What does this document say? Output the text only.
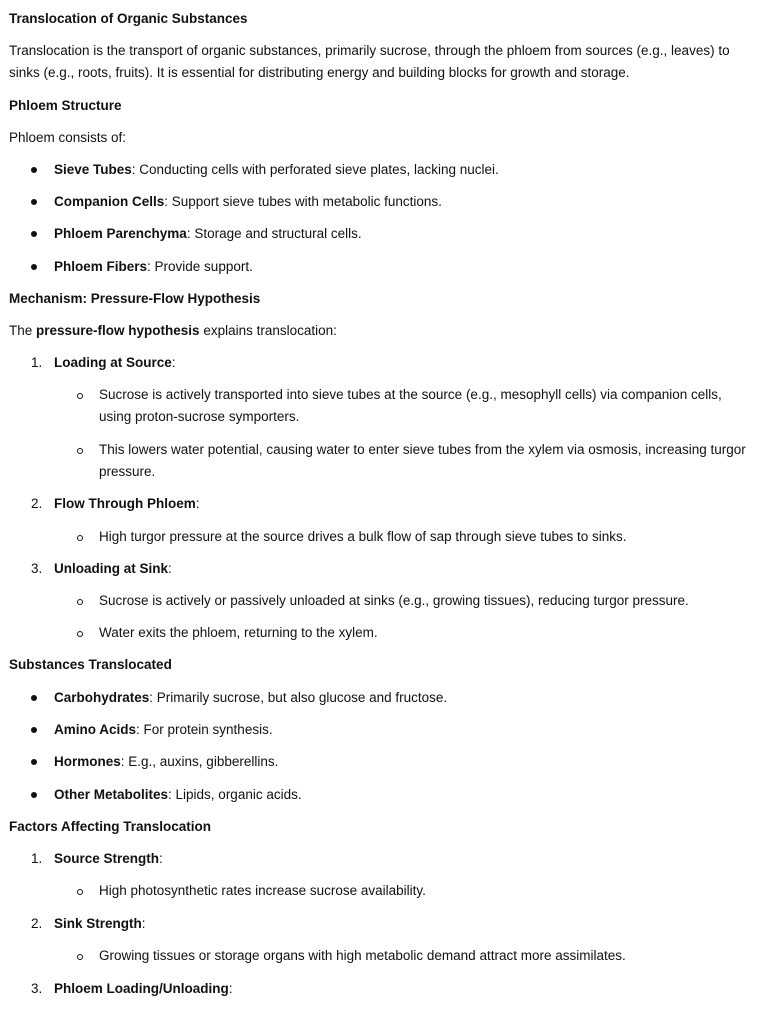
Translocation of Organic Substances
Translocation is the transport of organic substances, primarily sucrose, through the phloem from sources (e.g., leaves) to sinks (e.g., roots, fruits). It is essential for distributing energy and building blocks for growth and storage.
Phloem Structure
Phloem consists of:
Sieve Tubes: Conducting cells with perforated sieve plates, lacking nuclei.
Companion Cells: Support sieve tubes with metabolic functions.
Phloem Parenchyma: Storage and structural cells.
Phloem Fibers: Provide support.
Mechanism: Pressure-Flow Hypothesis
The pressure-flow hypothesis explains translocation:
1. Loading at Source:
Sucrose is actively transported into sieve tubes at the source (e.g., mesophyll cells) via companion cells, using proton-sucrose symporters.
This lowers water potential, causing water to enter sieve tubes from the xylem via osmosis, increasing turgor pressure.
2. Flow Through Phloem:
High turgor pressure at the source drives a bulk flow of sap through sieve tubes to sinks.
3. Unloading at Sink:
Sucrose is actively or passively unloaded at sinks (e.g., growing tissues), reducing turgor pressure.
Water exits the phloem, returning to the xylem.
Substances Translocated
Carbohydrates: Primarily sucrose, but also glucose and fructose.
Amino Acids: For protein synthesis.
Hormones: E.g., auxins, gibberellins.
Other Metabolites: Lipids, organic acids.
Factors Affecting Translocation
1. Source Strength:
High photosynthetic rates increase sucrose availability.
2. Sink Strength:
Growing tissues or storage organs with high metabolic demand attract more assimilates.
3. Phloem Loading/Unloading:
